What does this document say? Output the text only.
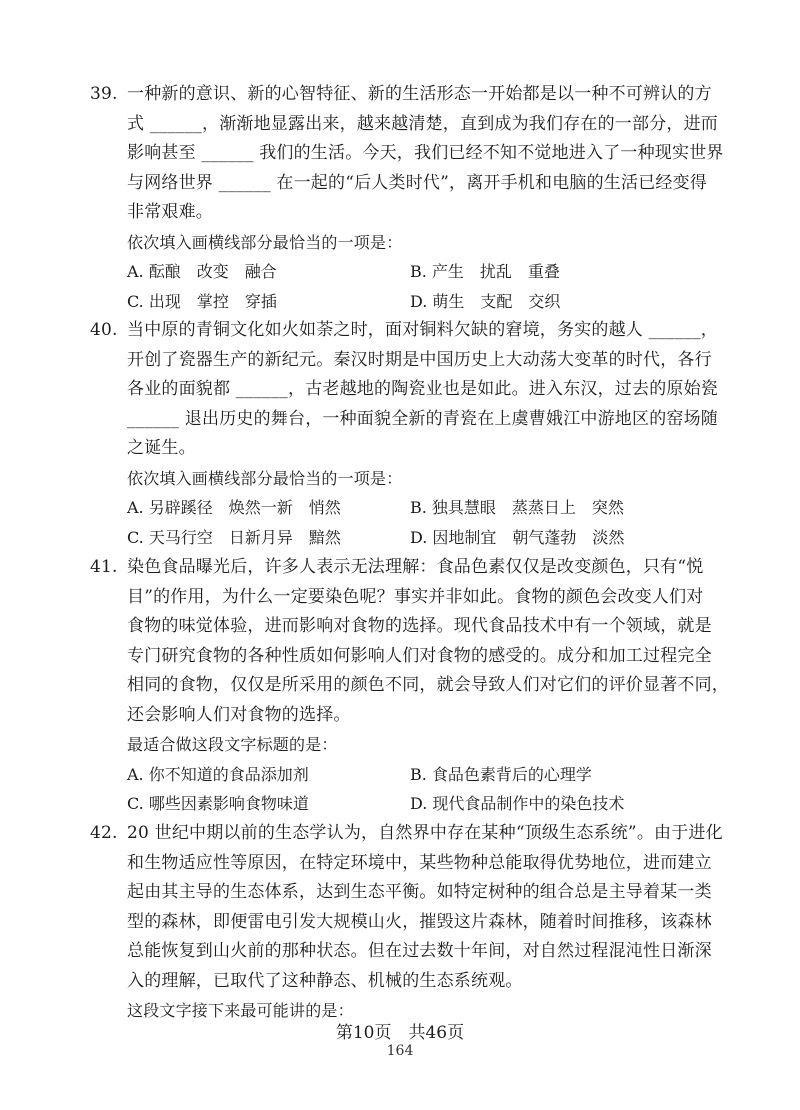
39. 一种新的意识、新的心智特征、新的生活形态一开始都是以一种不可辨认的方
式 ______，渐渐地显露出来，越来越清楚，直到成为我们存在的一部分，进而
影响甚至 ______ 我们的生活。今天，我们已经不知不觉地进入了一种现实世界
与网络世界 ______ 在一起的“后人类时代”，离开手机和电脑的生活已经变得
非常艰难。
依次填入画横线部分最恰当的一项是：
A. 酝酿　改变　融合	B. 产生　扰乱　重叠
C. 出现　掌控　穿插	D. 萌生　支配　交织
40. 当中原的青铜文化如火如荼之时，面对铜料欠缺的窘境，务实的越人 ______，
开创了瓷器生产的新纪元。秦汉时期是中国历史上大动荡大变革的时代，各行
各业的面貌都 ______，古老越地的陶瓷业也是如此。进入东汉，过去的原始瓷
______ 退出历史的舞台，一种面貌全新的青瓷在上虞曹娥江中游地区的窑场随
之诞生。
依次填入画横线部分最恰当的一项是：
A. 另辟蹊径　焕然一新　悄然	B. 独具慧眼　蒸蒸日上　突然
C. 天马行空　日新月异　黯然	D. 因地制宜　朝气蓬勃　淡然
41. 染色食品曝光后，许多人表示无法理解：食品色素仅仅是改变颜色，只有“悦
目”的作用，为什么一定要染色呢？事实并非如此。食物的颜色会改变人们对
食物的味觉体验，进而影响对食物的选择。现代食品技术中有一个领域，就是
专门研究食物的各种性质如何影响人们对食物的感受的。成分和加工过程完全
相同的食物，仅仅是所采用的颜色不同，就会导致人们对它们的评价显著不同，
还会影响人们对食物的选择。
最适合做这段文字标题的是：
A. 你不知道的食品添加剂	B. 食品色素背后的心理学
C. 哪些因素影响食物味道	D. 现代食品制作中的染色技术
42. 20 世纪中期以前的生态学认为，自然界中存在某种“顶级生态系统”。由于进化
和生物适应性等原因，在特定环境中，某些物种总能取得优势地位，进而建立
起由其主导的生态体系，达到生态平衡。如特定树种的组合总是主导着某一类
型的森林，即便雷电引发大规模山火，摧毁这片森林，随着时间推移，该森林
总能恢复到山火前的那种状态。但在过去数十年间，对自然过程混沌性日渐深
入的理解，已取代了这种静态、机械的生态系统观。
这段文字接下来最可能讲的是：
第10页　共46页
164
